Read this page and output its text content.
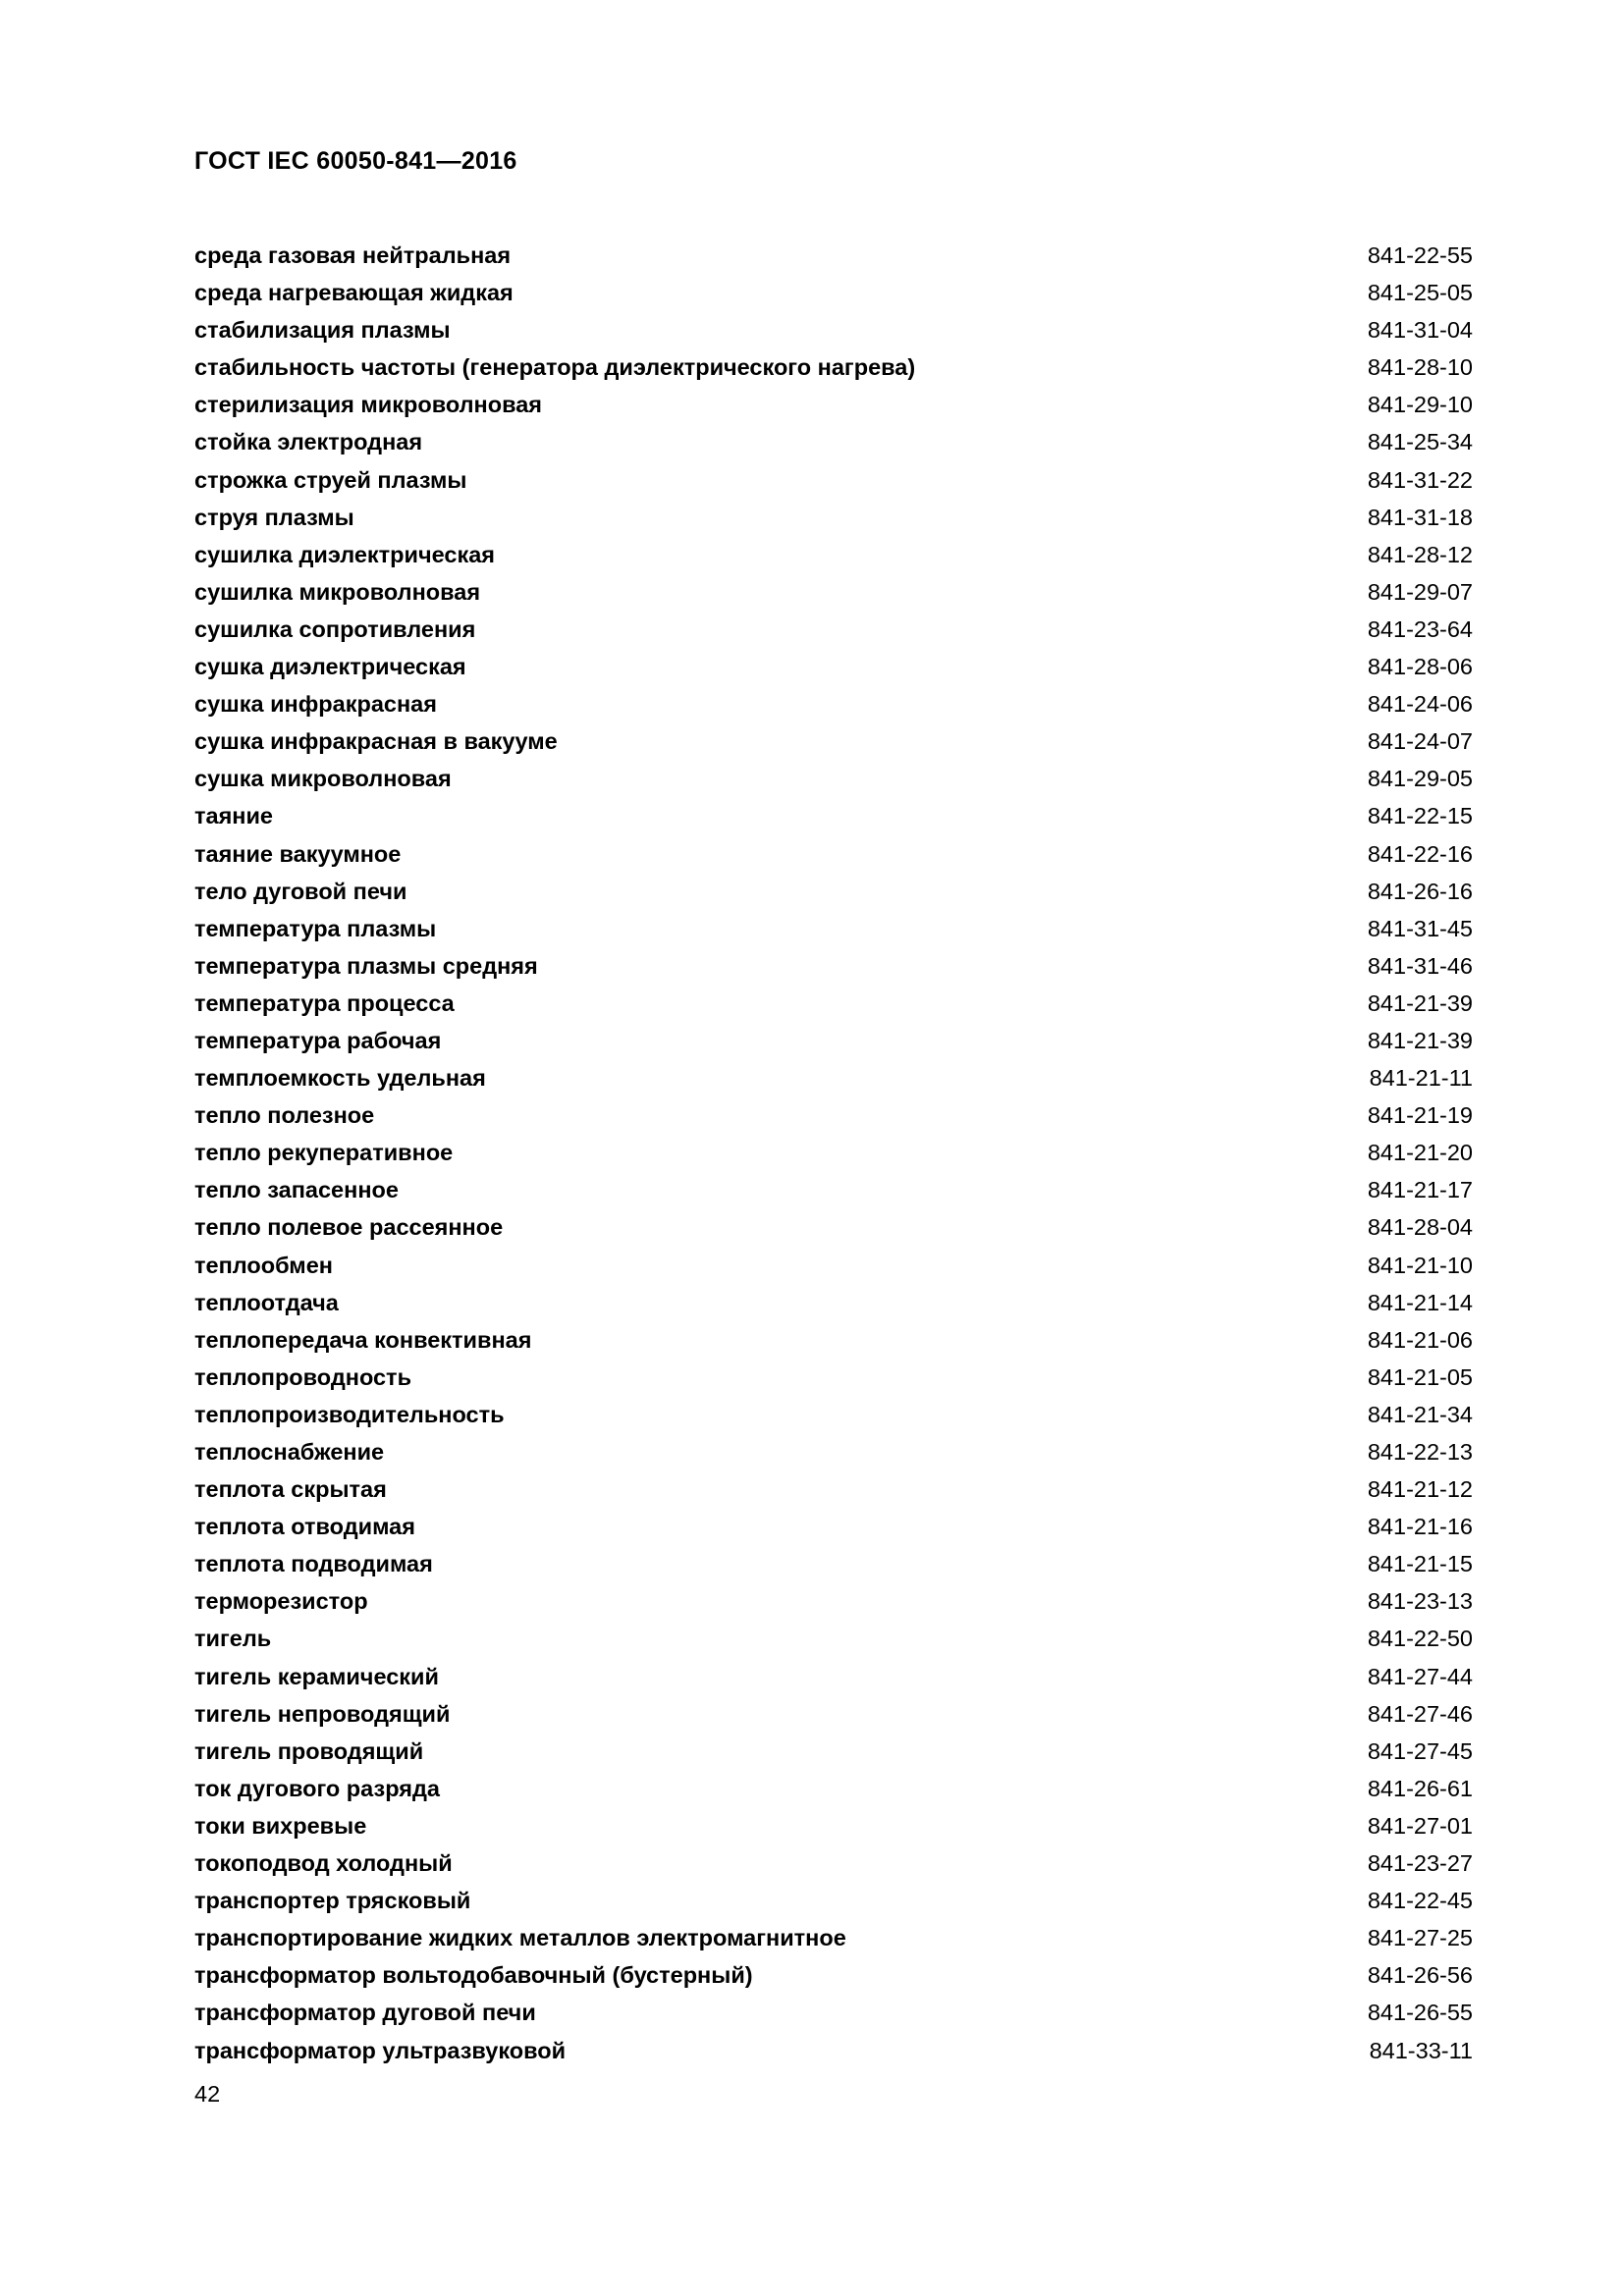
ГОСТ IEC 60050-841—2016
среда газовая нейтральная	841-22-55
среда нагревающая жидкая	841-25-05
стабилизация плазмы	841-31-04
стабильность частоты (генератора диэлектрического нагрева)	841-28-10
стерилизация микроволновая	841-29-10
стойка электродная	841-25-34
строжка струей плазмы	841-31-22
струя плазмы	841-31-18
сушилка диэлектрическая	841-28-12
сушилка микроволновая	841-29-07
сушилка сопротивления	841-23-64
сушка диэлектрическая	841-28-06
сушка инфракрасная	841-24-06
сушка инфракрасная в вакууме	841-24-07
сушка микроволновая	841-29-05
таяние	841-22-15
таяние вакуумное	841-22-16
тело дуговой печи	841-26-16
температура плазмы	841-31-45
температура плазмы средняя	841-31-46
температура процесса	841-21-39
температура рабочая	841-21-39
темплоемкость удельная	841-21-11
тепло полезное	841-21-19
тепло рекуперативное	841-21-20
тепло запасенное	841-21-17
тепло полевое рассеянное	841-28-04
теплообмен	841-21-10
теплоотдача	841-21-14
теплопередача конвективная	841-21-06
теплопроводность	841-21-05
теплопроизводительность	841-21-34
теплоснабжение	841-22-13
теплота скрытая	841-21-12
теплота отводимая	841-21-16
теплота подводимая	841-21-15
терморезистор	841-23-13
тигель	841-22-50
тигель керамический	841-27-44
тигель непроводящий	841-27-46
тигель проводящий	841-27-45
ток дугового разряда	841-26-61
токи вихревые	841-27-01
токоподвод холодный	841-23-27
транспортер трясковый	841-22-45
транспортирование жидких металлов электромагнитное	841-27-25
трансформатор вольтодобавочный (бустерный)	841-26-56
трансформатор дуговой печи	841-26-55
трансформатор ультразвуковой	841-33-11
42
